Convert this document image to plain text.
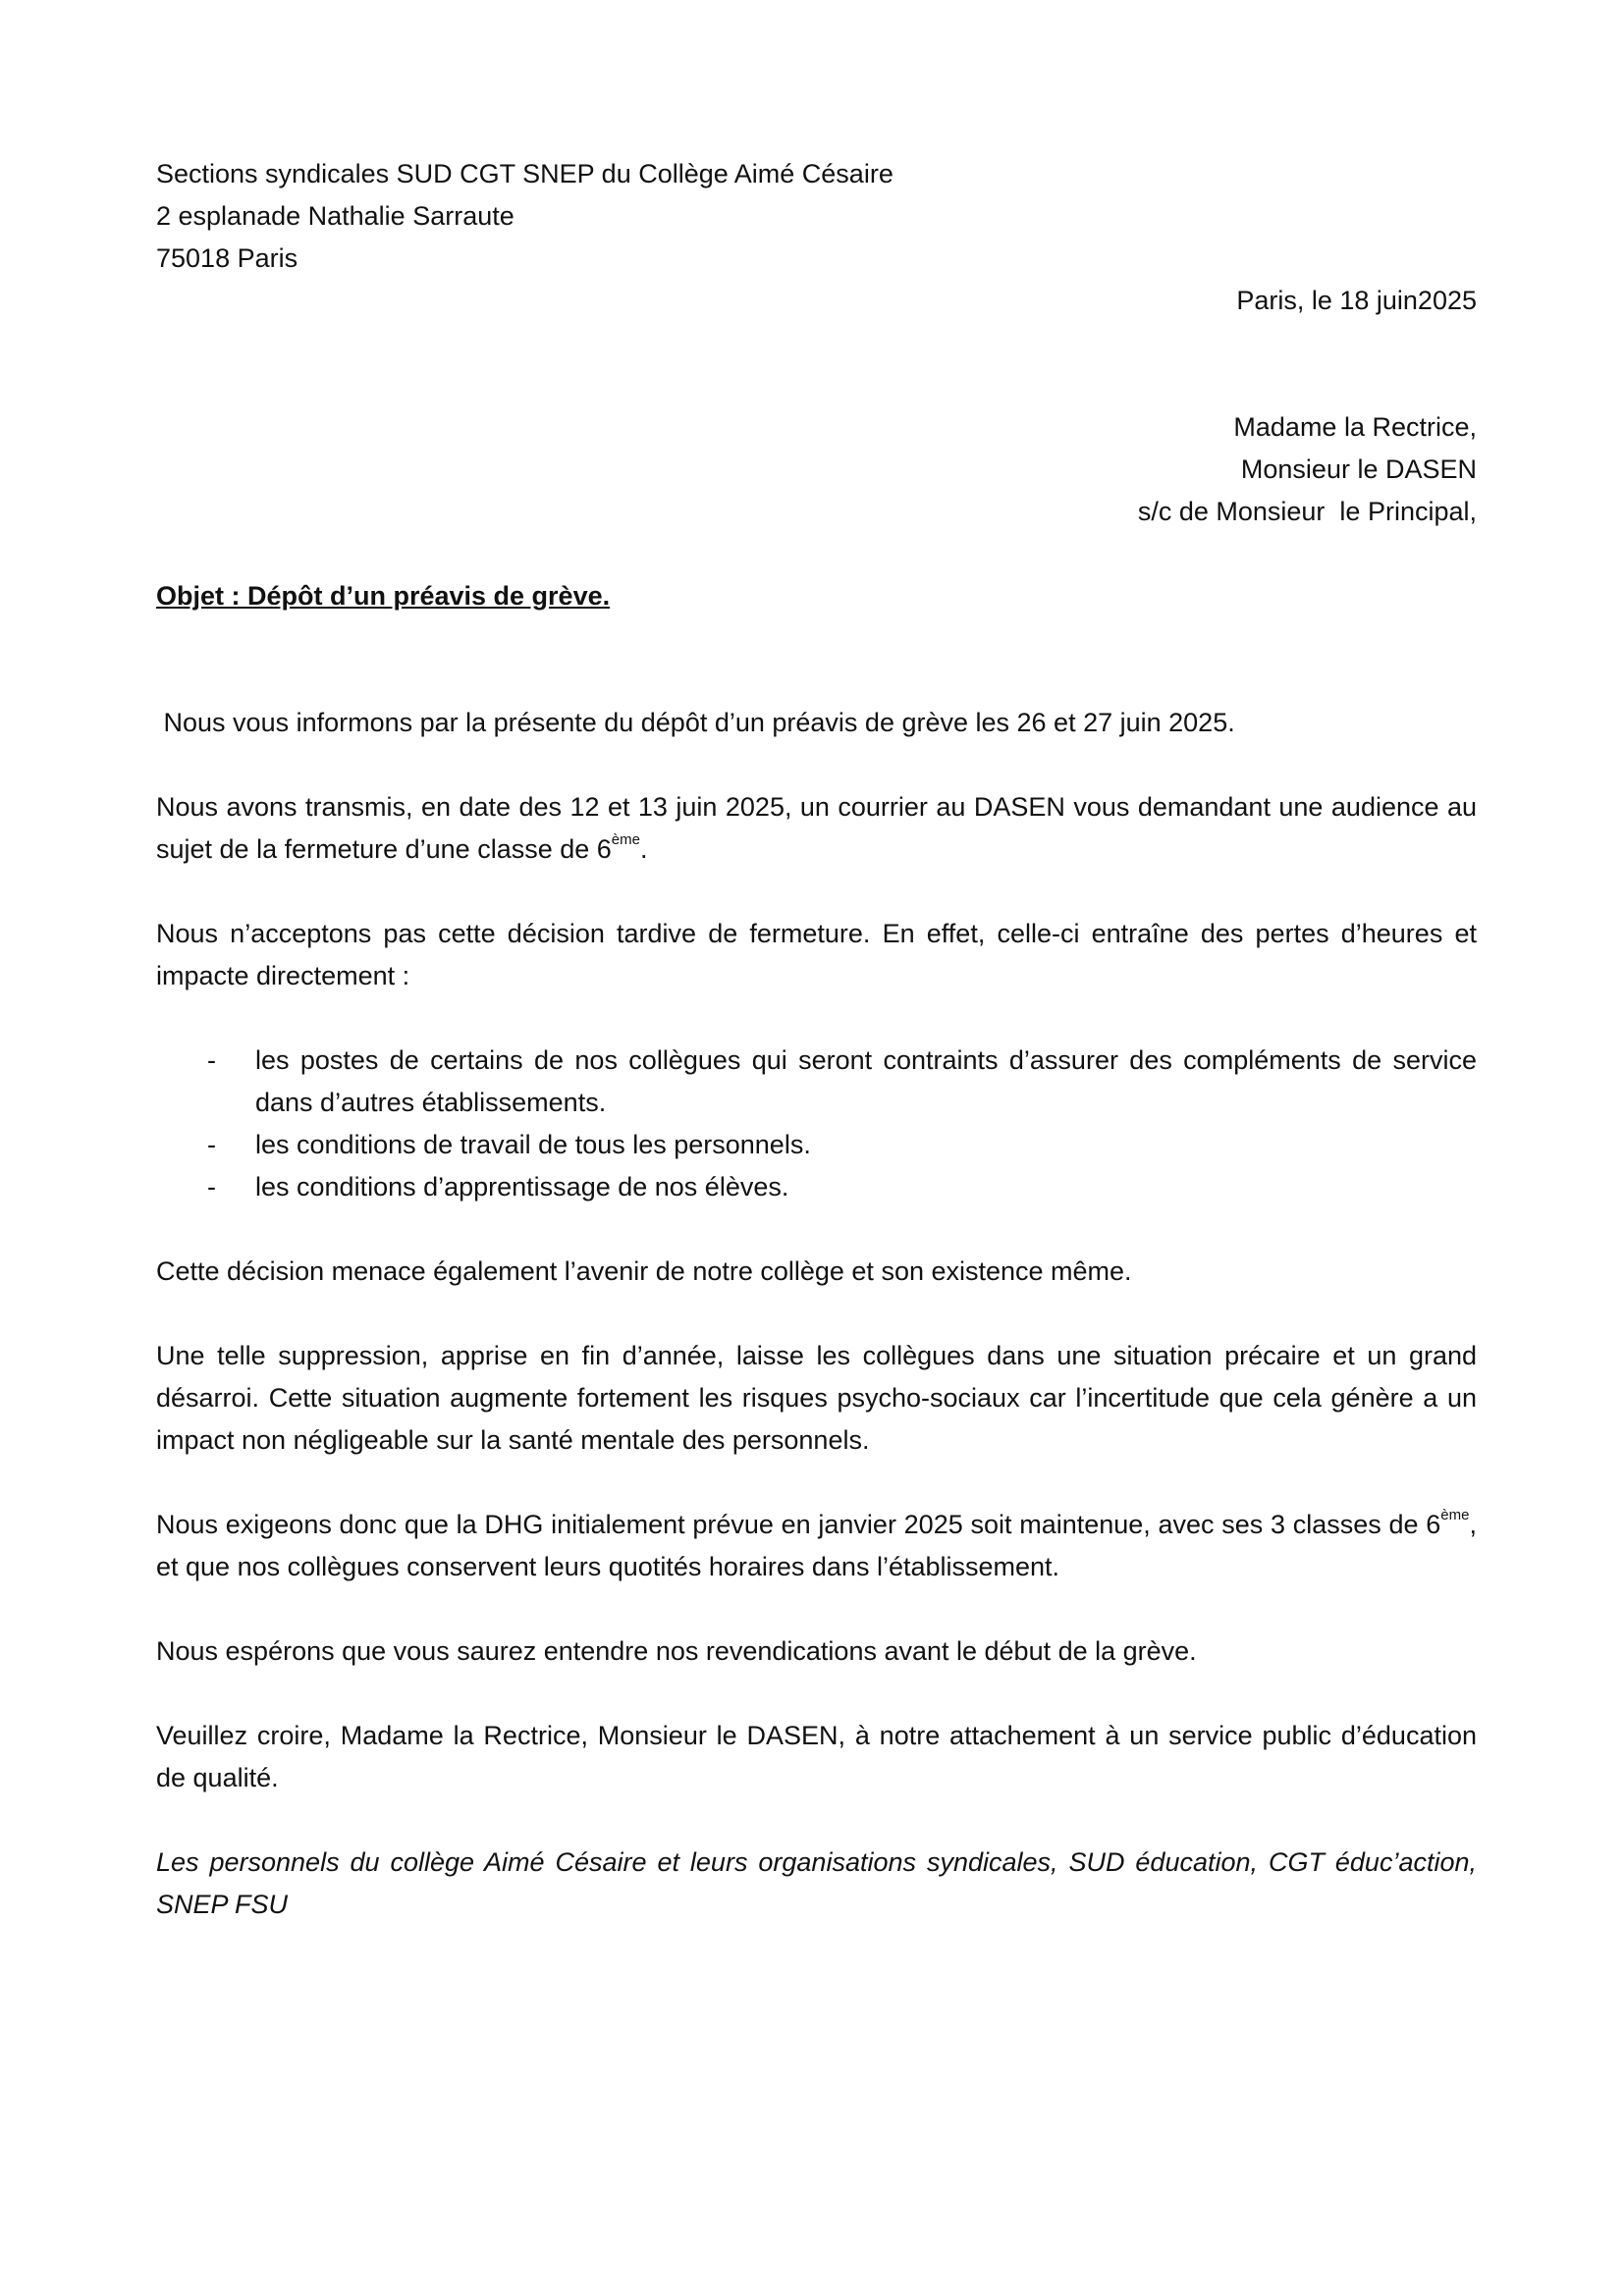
Sections syndicales SUD CGT SNEP du Collège Aimé Césaire
2 esplanade Nathalie Sarraute
75018 Paris
Paris, le 18 juin2025
Madame la Rectrice,
Monsieur le DASEN
s/c de Monsieur  le Principal,
Objet : Dépôt d’un préavis de grève.

Nous vous informons par la présente du dépôt d’un préavis de grève les 26 et 27 juin 2025.

Nous avons transmis, en date des 12 et 13 juin 2025, un courrier au DASEN vous demandant une audience au sujet de la fermeture d’une classe de 6ème.

Nous n’acceptons pas cette décision tardive de fermeture. En effet, celle-ci entraîne des pertes d’heures et impacte directement :

- les postes de certains de nos collègues qui seront contraints d’assurer des compléments de service dans d’autres établissements.
- les conditions de travail de tous les personnels.
- les conditions d’apprentissage de nos élèves.

Cette décision menace également l’avenir de notre collège et son existence même.

Une telle suppression, apprise en fin d’année, laisse les collègues dans une situation précaire et un grand désarroi. Cette situation augmente fortement les risques psycho-sociaux car l’incertitude que cela génère a un impact non négligeable sur la santé mentale des personnels.

Nous exigeons donc que la DHG initialement prévue en janvier 2025 soit maintenue, avec ses 3 classes de 6ème, et que nos collègues conservent leurs quotités horaires dans l’établissement.

Nous espérons que vous saurez entendre nos revendications avant le début de la grève.

Veuillez croire, Madame la Rectrice, Monsieur le DASEN, à notre attachement à un service public d’éducation de qualité.

Les personnels du collège Aimé Césaire et leurs organisations syndicales, SUD éducation, CGT éduc’action, SNEP FSU
